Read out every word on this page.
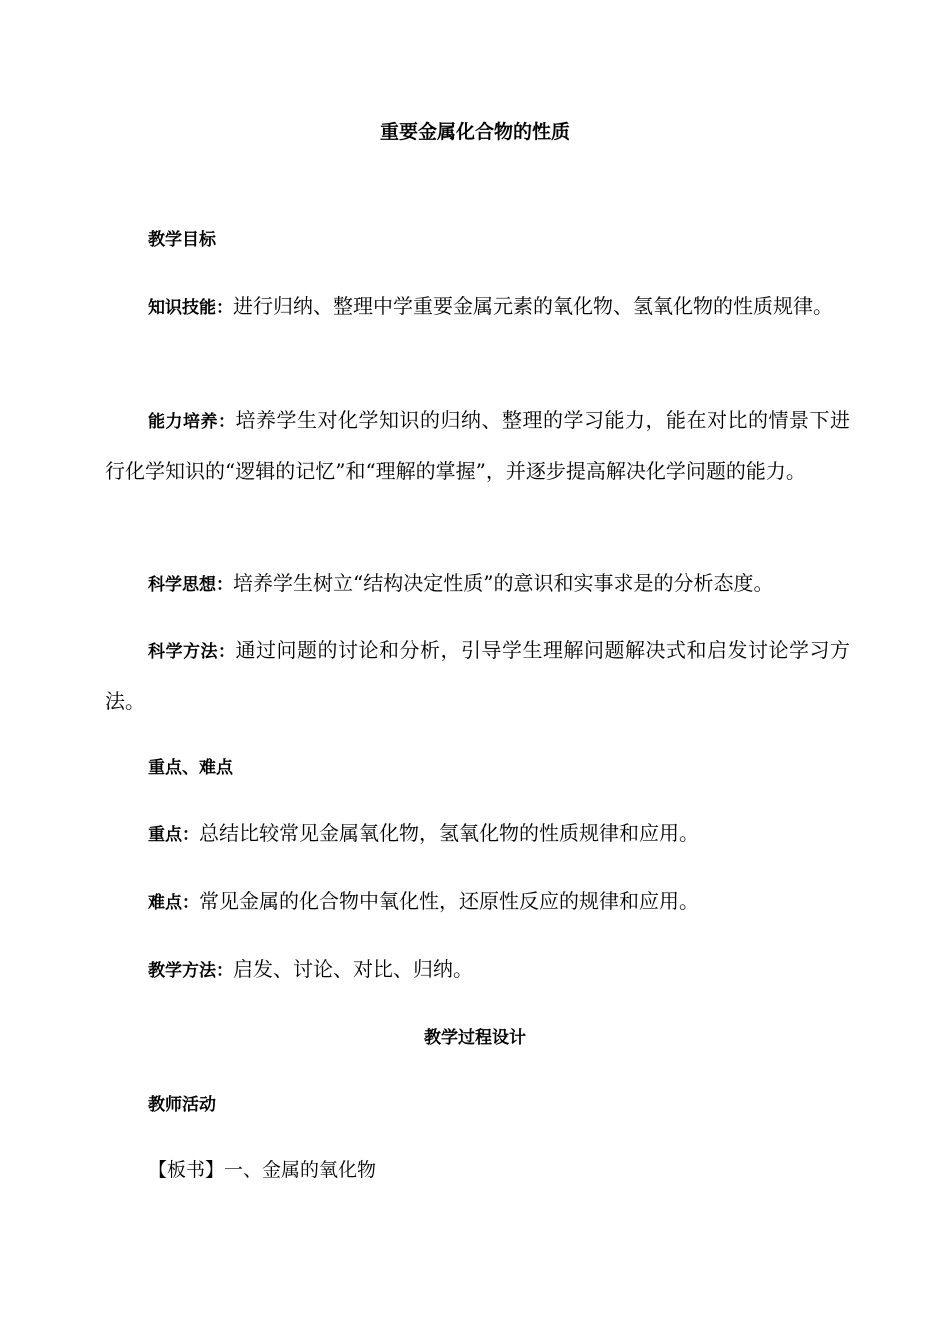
重要金属化合物的性质
教学目标
知识技能：进行归纳、整理中学重要金属元素的氧化物、氢氧化物的性质规律。
能力培养：培养学生对化学知识的归纳、整理的学习能力，能在对比的情景下进行化学知识的“逻辑的记忆”和“理解的掌握”，并逐步提高解决化学问题的能力。
科学思想：培养学生树立“结构决定性质”的意识和实事求是的分析态度。
科学方法：通过问题的讨论和分析，引导学生理解问题解决式和启发讨论学习方法。
重点、难点
重点：总结比较常见金属氧化物，氢氧化物的性质规律和应用。
难点：常见金属的化合物中氧化性，还原性反应的规律和应用。
教学方法：启发、讨论、对比、归纳。
教学过程设计
教师活动
【板书】一、金属的氧化物
